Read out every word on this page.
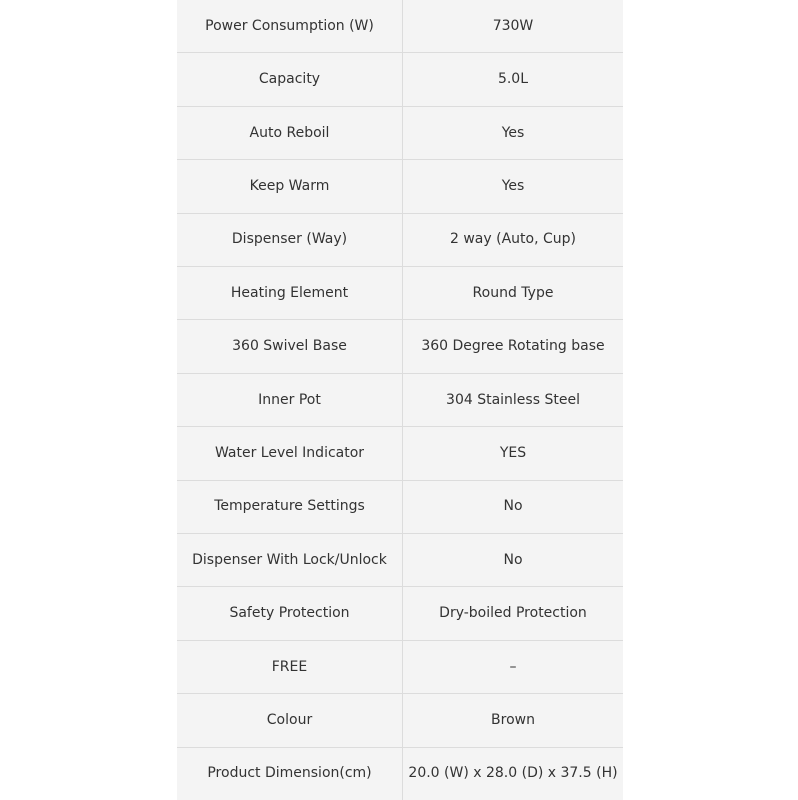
Power Consumption (W)	730W
Capacity	5.0L
Auto Reboil	Yes
Keep Warm	Yes
Dispenser (Way)	2 way (Auto, Cup)
Heating Element	Round Type
360 Swivel Base	360 Degree Rotating base
Inner Pot	304 Stainless Steel
Water Level Indicator	YES
Temperature Settings	No
Dispenser With Lock/Unlock	No
Safety Protection	Dry-boiled Protection
FREE	–
Colour	Brown
Product Dimension(cm)	20.0 (W) x 28.0 (D) x 37.5 (H)
